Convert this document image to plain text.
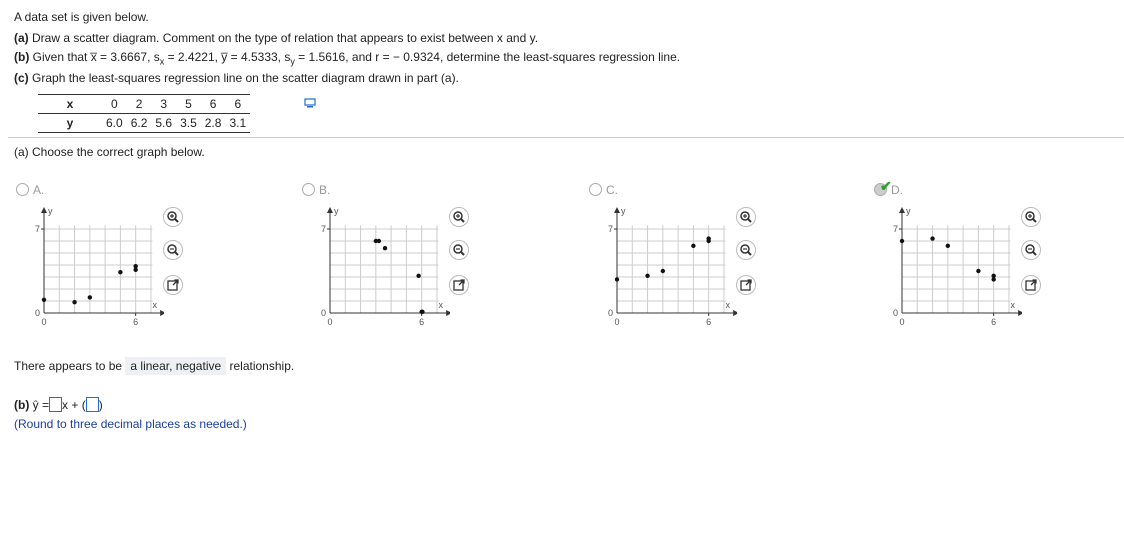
A data set is given below.
(a) Draw a scatter diagram. Comment on the type of relation that appears to exist between x and y.
(b) Given that x̅ = 3.6667, $s_x = 2.4221$, y̅ = 4.5333, $s_y = 1.5616$, and r = − 0.9324, determine the least-squares regression line.
(c) Graph the least-squares regression line on the scatter diagram drawn in part (a).
x	0	2	3	5	6	6
y	6.0	6.2	5.6	3.5	2.8	3.1
(a) Choose the correct graph below.
A.
y
7
0
0	6
x
B.
y
7
0
0	6
x
C.
y
7
0
0	6
x
D.
✔
y
7
0
0	6
x
There appears to be a linear, negative relationship.
(b) ŷ = x + ( )
(Round to three decimal places as needed.)
